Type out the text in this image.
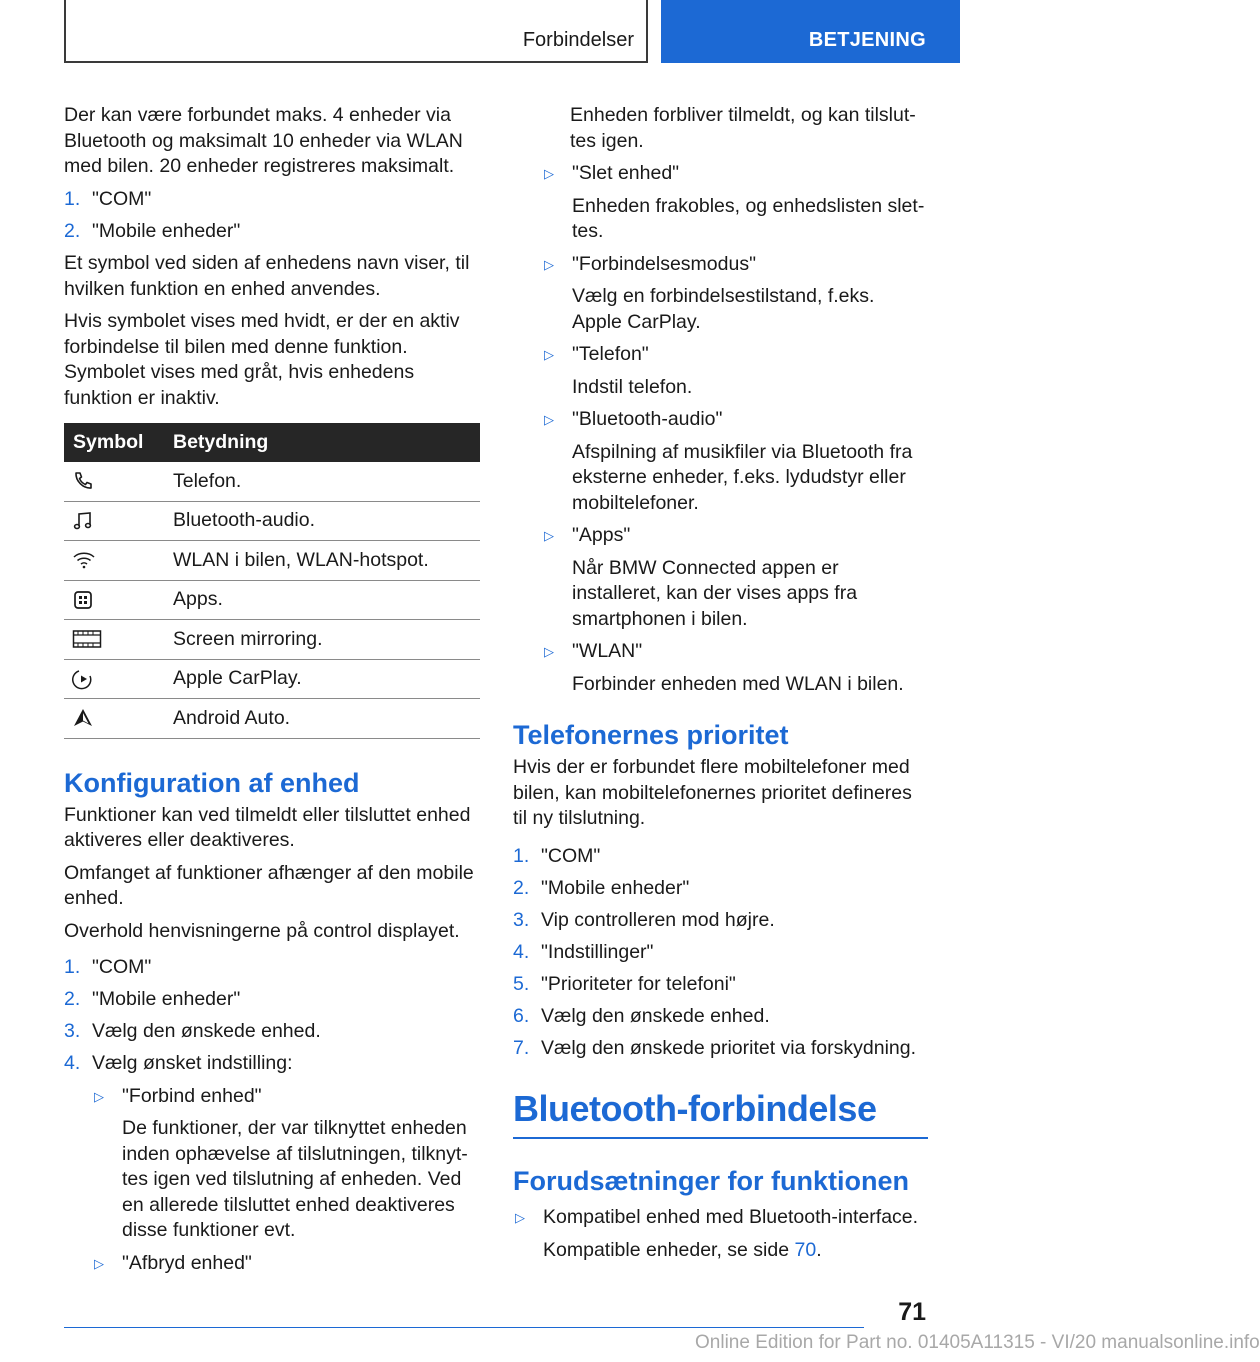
Forbindelser	BETJENING

Der kan være forbundet maks. 4 enheder via Bluetooth og maksimalt 10 enheder via WLAN med bilen. 20 enheder registreres maksimalt.

1. "COM"
2. "Mobile enheder"

Et symbol ved siden af enhedens navn viser, til hvilken funktion en enhed anvendes.

Hvis symbolet vises med hvidt, er der en aktiv forbindelse til bilen med denne funktion. Symbolet vises med gråt, hvis enhedens funktion er inaktiv.

Symbol	Betydning

	Telefon.

	Bluetooth-audio.

	WLAN i bilen, WLAN-hotspot.

	Apps.

	Screen mirroring.

	Apple CarPlay.

	Android Auto.
Konfiguration af enhed

Funktioner kan ved tilmeldt eller tilsluttet enhed aktiveres eller deaktiveres.

Omfanget af funktioner afhænger af den mobile enhed.

Overhold henvisningerne på control displayet.

1. "COM"
2. "Mobile enheder"
3. Vælg den ønskede enhed.
4. Vælg ønsket indstilling:
▷ "Forbind enhed"
De funktioner, der var tilknyttet enheden inden ophævelse af tilslutningen, tilknyttes igen ved tilslutning af enheden. Ved en allerede tilsluttet enhed deaktiveres disse funktioner evt.
▷ "Afbryd enhed"
Enheden forbliver tilmeldt, og kan tilsluttes igen.
▷ "Slet enhed"
Enheden frakobles, og enhedslisten slettes.
▷ "Forbindelsesmodus"
Vælg en forbindelsestilstand, f.eks. Apple CarPlay.
▷ "Telefon"
Indstil telefon.
▷ "Bluetooth-audio"
Afspilning af musikfiler via Bluetooth fra eksterne enheder, f.eks. lydudstyr eller mobiltelefoner.
▷ "Apps"
Når BMW Connected appen er installeret, kan der vises apps fra smartphonen i bilen.
▷ "WLAN"
Forbinder enheden med WLAN i bilen.
Telefonernes prioritet

Hvis der er forbundet flere mobiltelefoner med bilen, kan mobiltelefonernes prioritet defineres til ny tilslutning.

1. "COM"
2. "Mobile enheder"
3. Vip controlleren mod højre.
4. "Indstillinger"
5. "Prioriteter for telefoni"
6. Vælg den ønskede enhed.
7. Vælg den ønskede prioritet via forskydning.
Bluetooth-forbindelse
Forudsætninger for funktionen
▷ Kompatibel enhed med Bluetooth-interface.
Kompatible enheder, se side 70.
71
Online Edition for Part no. 01405A11315 - VI/20 manualsonline.info
